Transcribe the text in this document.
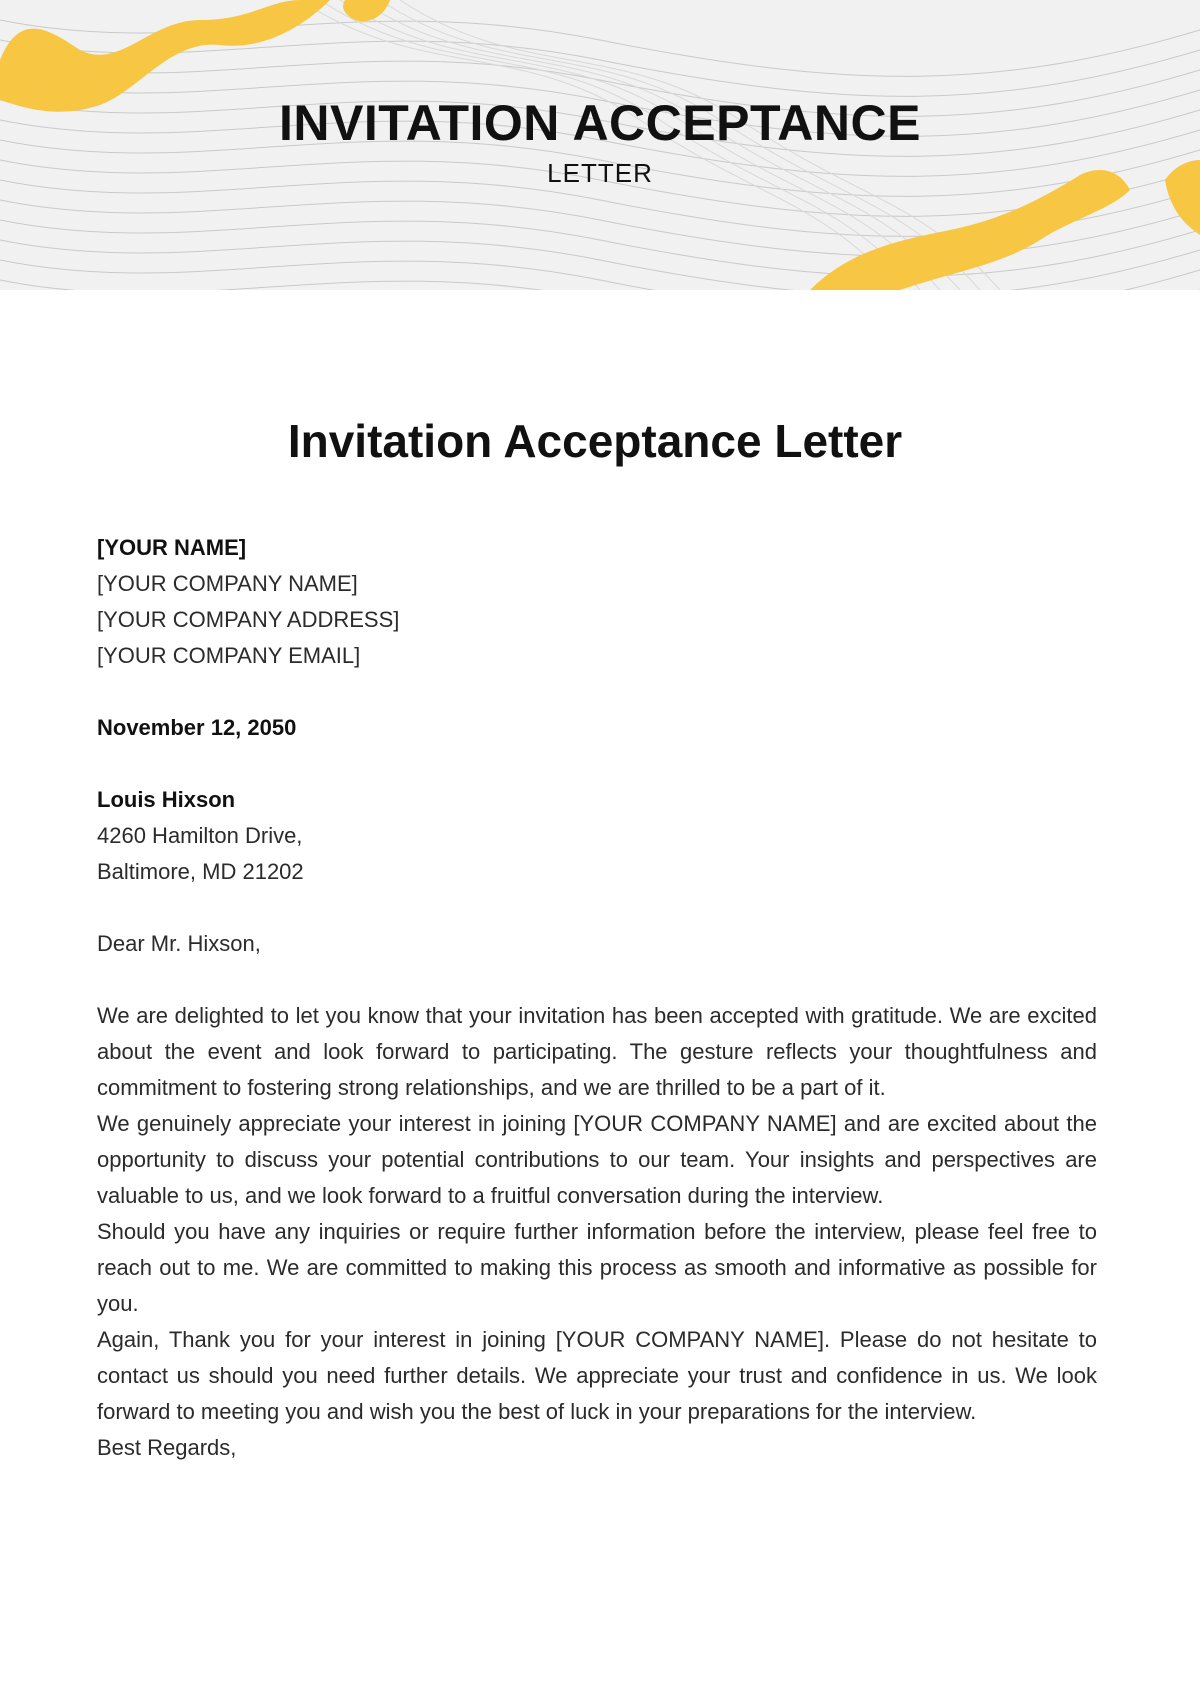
INVITATION ACCEPTANCE
LETTER
Invitation Acceptance Letter

[YOUR NAME]

[YOUR COMPANY NAME]

[YOUR COMPANY ADDRESS]

[YOUR COMPANY EMAIL]

November 12, 2050

Louis Hixson

4260 Hamilton Drive,

Baltimore, MD 21202

Dear Mr. Hixson,

We are delighted to let you know that your invitation has been accepted with gratitude. We are excited about the event and look forward to participating. The gesture reflects your thoughtfulness and commitment to fostering strong relationships, and we are thrilled to be a part of it.

We genuinely appreciate your interest in joining [YOUR COMPANY NAME] and are excited about the opportunity to discuss your potential contributions to our team. Your insights and perspectives are valuable to us, and we look forward to a fruitful conversation during the interview.

Should you have any inquiries or require further information before the interview, please feel free to reach out to me. We are committed to making this process as smooth and informative as possible for you.

Again, Thank you for your interest in joining [YOUR COMPANY NAME]. Please do not hesitate to contact us should you need further details. We appreciate your trust and confidence in us. We look forward to meeting you and wish you the best of luck in your preparations for the interview.

Best Regards,
